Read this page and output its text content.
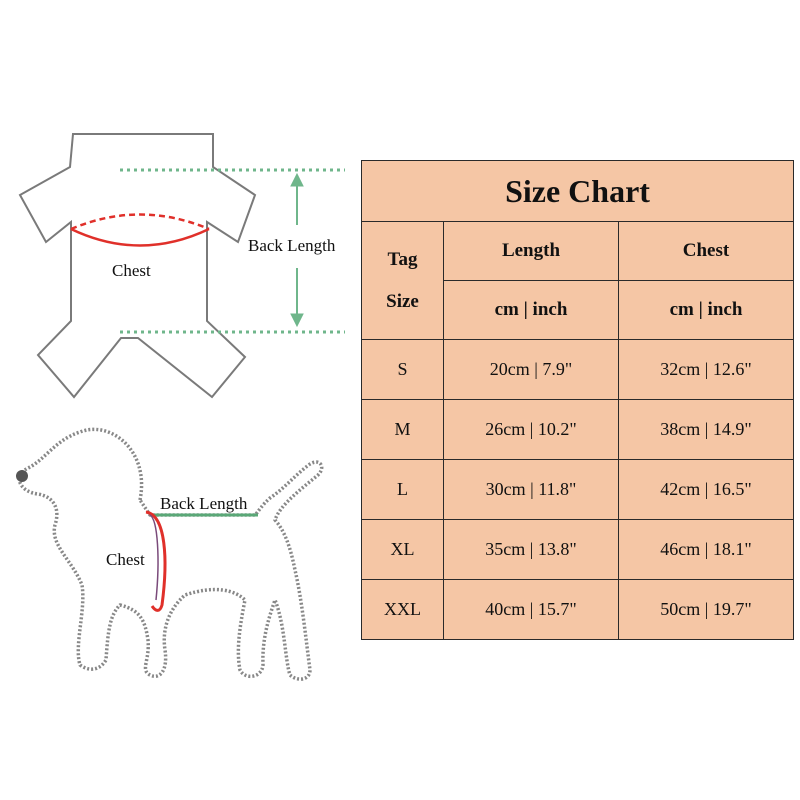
Back Length
Chest
Back Length
Chest
Size Chart		

Tag
Size	Length	Chest
	cm | inch	cm | inch
S	20cm | 7.9"	32cm | 12.6"
M	26cm | 10.2"	38cm | 14.9"
L	30cm | 11.8"	42cm | 16.5"
XL	35cm | 13.8"	46cm | 18.1"
XXL	40cm | 15.7"	50cm | 19.7"
